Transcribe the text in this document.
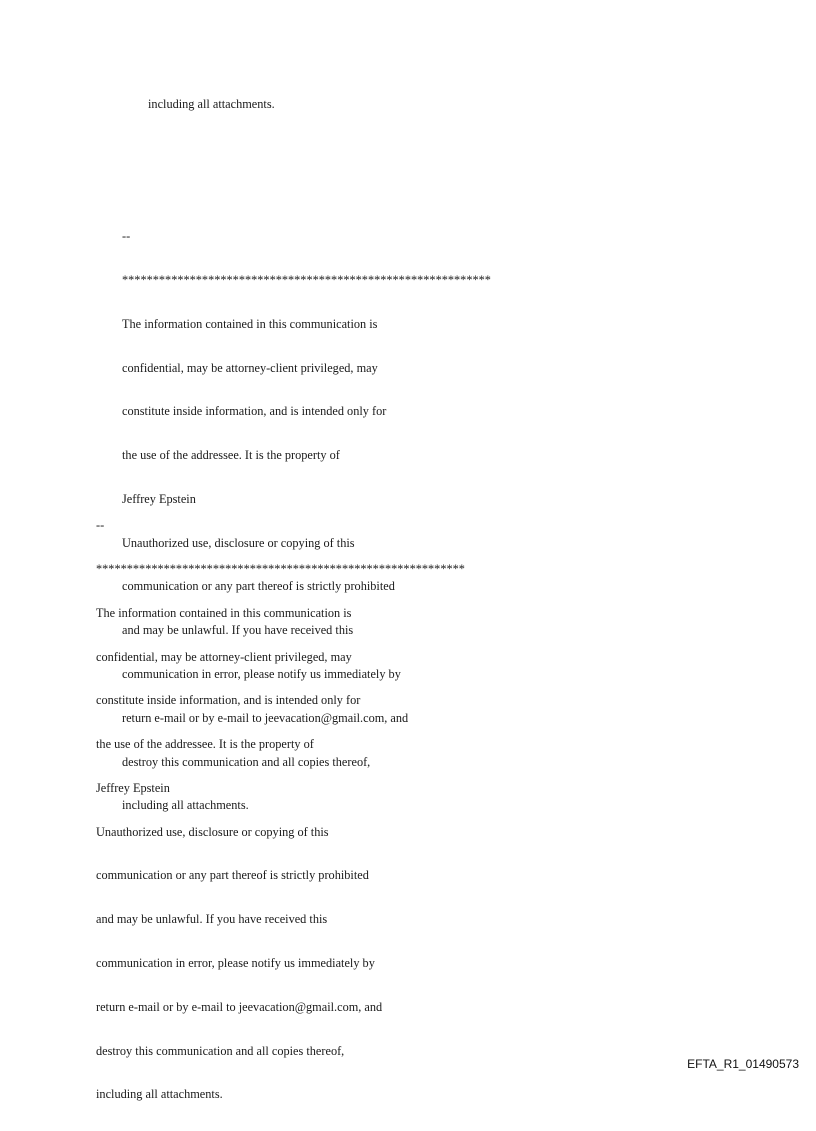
including all attachments.

--

************************************************************

The information contained in this communication is

confidential, may be attorney-client privileged, may

constitute inside information, and is intended only for

the use of the addressee. It is the property of

Jeffrey Epstein

Unauthorized use, disclosure or copying of this

communication or any part thereof is strictly prohibited

and may be unlawful. If you have received this

communication in error, please notify us immediately by

return e-mail or by e-mail to jeevacation@gmail.com, and

destroy this communication and all copies thereof,

including all attachments.

--

************************************************************

The information contained in this communication is

confidential, may be attorney-client privileged, may

constitute inside information, and is intended only for

the use of the addressee. It is the property of

Jeffrey Epstein

Unauthorized use, disclosure or copying of this

communication or any part thereof is strictly prohibited

and may be unlawful. If you have received this

communication in error, please notify us immediately by

return e-mail or by e-mail to jeevacation@gmail.com, and

destroy this communication and all copies thereof,

including all attachments.

EFTA_R1_01490573
